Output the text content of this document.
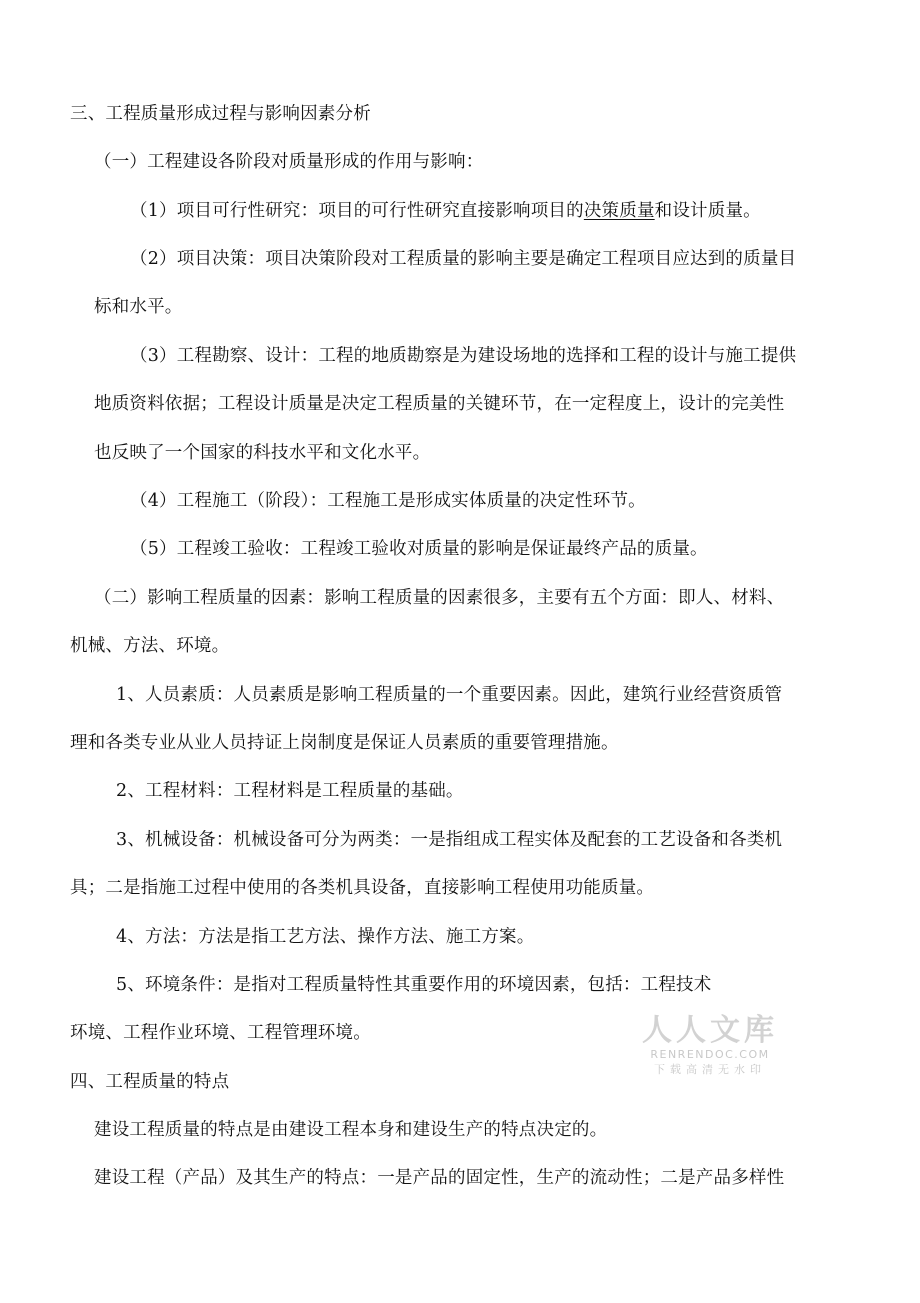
三、工程质量形成过程与影响因素分析
（一）工程建设各阶段对质量形成的作用与影响：
（1）项目可行性研究：项目的可行性研究直接影响项目的决策质量和设计质量。
（2）项目决策：项目决策阶段对工程质量的影响主要是确定工程项目应达到的质量目
标和水平。
（3）工程勘察、设计：工程的地质勘察是为建设场地的选择和工程的设计与施工提供
地质资料依据；工程设计质量是决定工程质量的关键环节，在一定程度上，设计的完美性
也反映了一个国家的科技水平和文化水平。
（4）工程施工（阶段）：工程施工是形成实体质量的决定性环节。
（5）工程竣工验收：工程竣工验收对质量的影响是保证最终产品的质量。
（二）影响工程质量的因素：影响工程质量的因素很多，主要有五个方面：即人、材料、
机械、方法、环境。
1、人员素质：人员素质是影响工程质量的一个重要因素。因此，建筑行业经营资质管
理和各类专业从业人员持证上岗制度是保证人员素质的重要管理措施。
2、工程材料：工程材料是工程质量的基础。
3、机械设备：机械设备可分为两类：一是指组成工程实体及配套的工艺设备和各类机
具；二是指施工过程中使用的各类机具设备，直接影响工程使用功能质量。
4、方法：方法是指工艺方法、操作方法、施工方案。
5、环境条件：是指对工程质量特性其重要作用的环境因素，包括：工程技术
环境、工程作业环境、工程管理环境。
四、工程质量的特点
建设工程质量的特点是由建设工程本身和建设生产的特点决定的。
建设工程（产品）及其生产的特点：一是产品的固定性，生产的流动性；二是产品多样性
人人文库
RENRENDOC.COM
下载高清无水印
